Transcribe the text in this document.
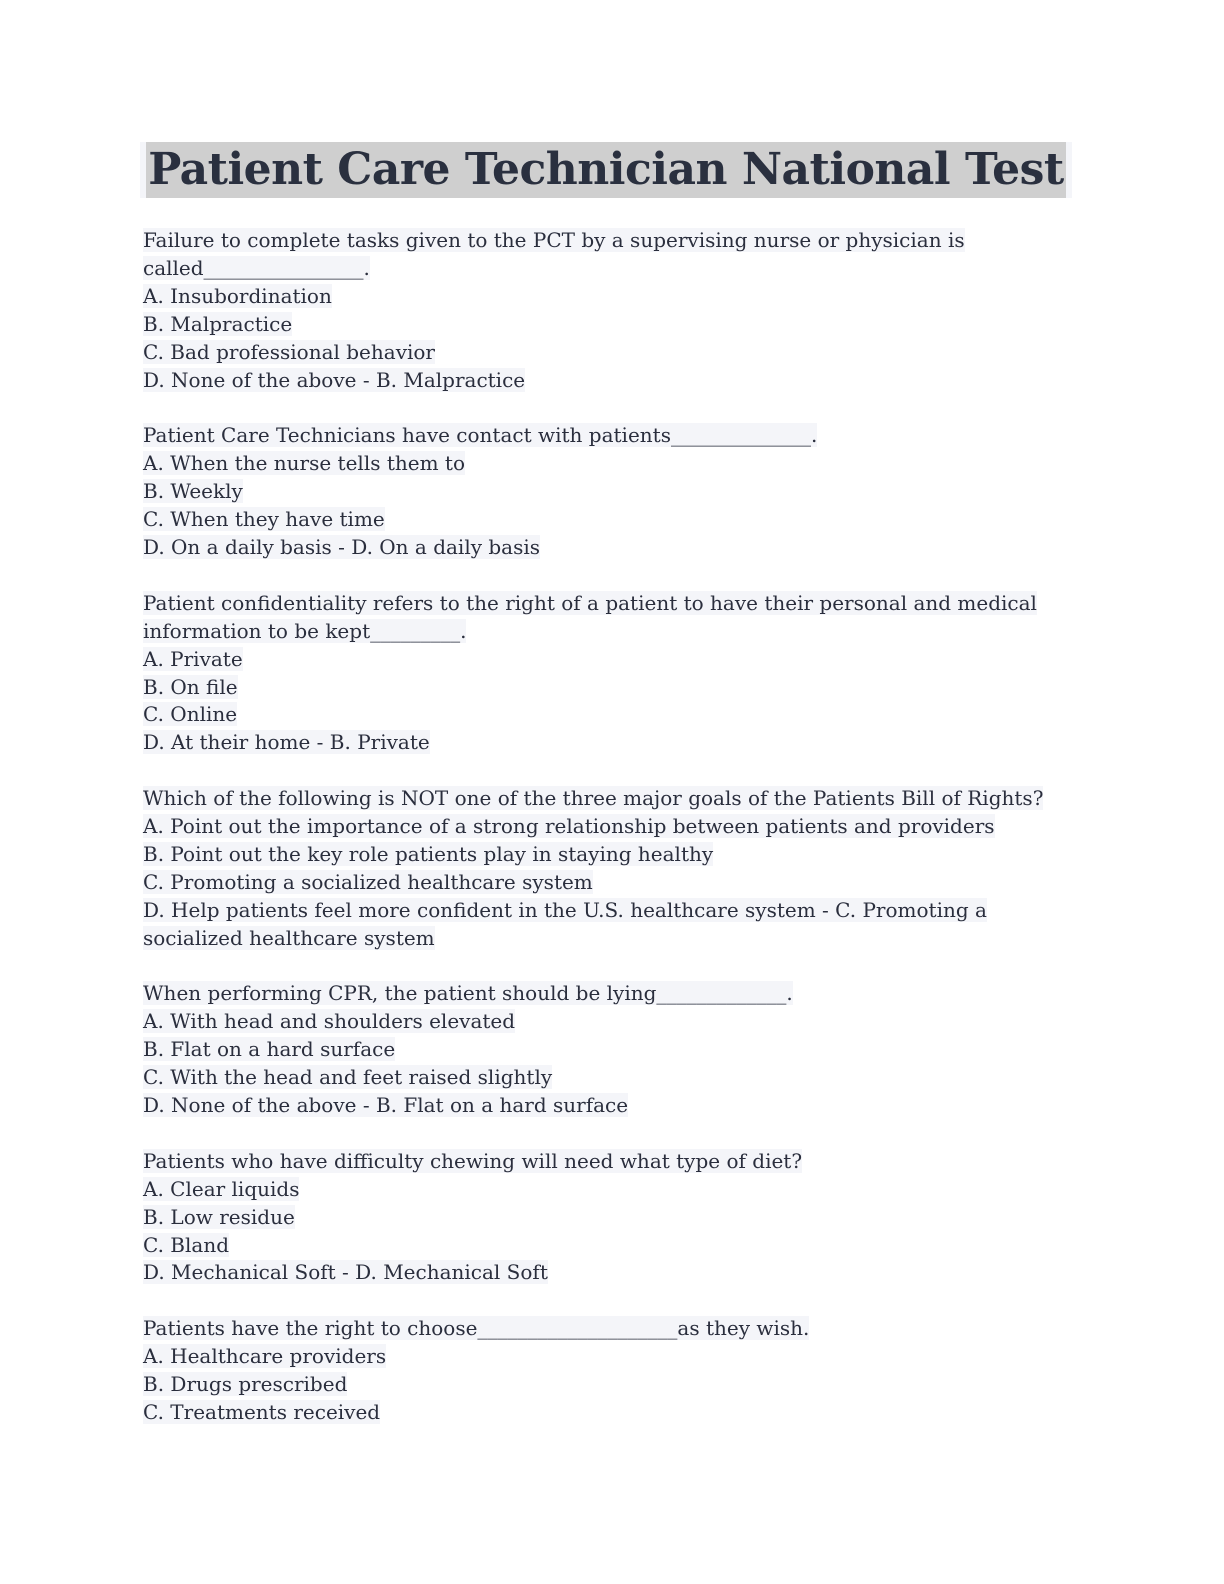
Patient Care Technician National Test
Failure to complete tasks given to the PCT by a supervising nurse or physician is
called________________.
A. Insubordination
B. Malpractice
C. Bad professional behavior
D. None of the above - B. Malpractice
Patient Care Technicians have contact with patients______________.
A. When the nurse tells them to
B. Weekly
C. When they have time
D. On a daily basis - D. On a daily basis
Patient confidentiality refers to the right of a patient to have their personal and medical
information to be kept_________.
A. Private
B. On file
C. Online
D. At their home - B. Private
Which of the following is NOT one of the three major goals of the Patients Bill of Rights?
A. Point out the importance of a strong relationship between patients and providers
B. Point out the key role patients play in staying healthy
C. Promoting a socialized healthcare system
D. Help patients feel more confident in the U.S. healthcare system - C. Promoting a
socialized healthcare system
When performing CPR, the patient should be lying_____________.
A. With head and shoulders elevated
B. Flat on a hard surface
C. With the head and feet raised slightly
D. None of the above - B. Flat on a hard surface
Patients who have difficulty chewing will need what type of diet?
A. Clear liquids
B. Low residue
C. Bland
D. Mechanical Soft - D. Mechanical Soft
Patients have the right to choose____________________as they wish.
A. Healthcare providers
B. Drugs prescribed
C. Treatments received
